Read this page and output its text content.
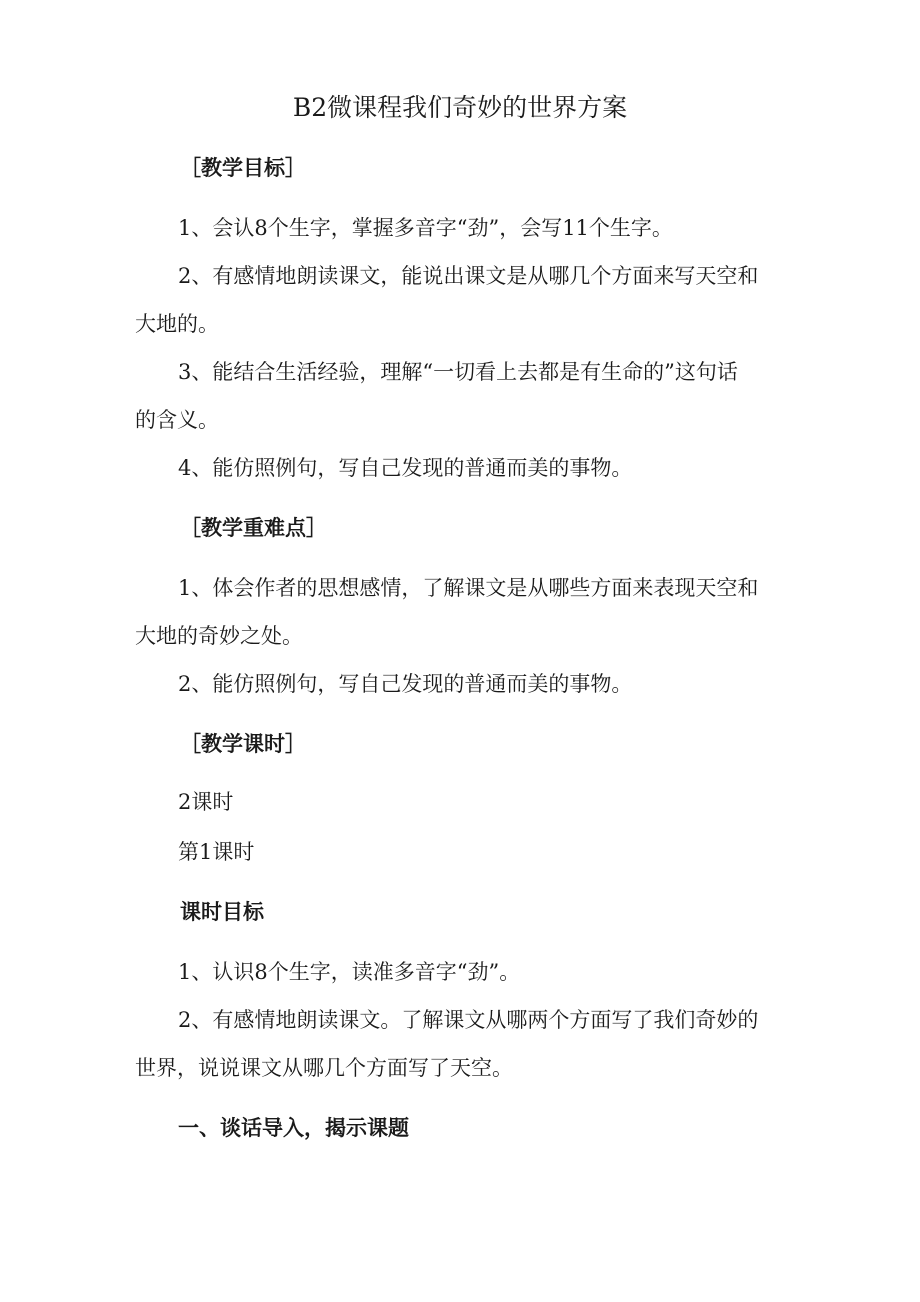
B2微课程我们奇妙的世界方案
［教学目标］
1、会认8个生字，掌握多音字“劲”，会写11个生字。
2、有感情地朗读课文，能说出课文是从哪几个方面来写天空和
大地的。
3、能结合生活经验，理解“一切看上去都是有生命的”这句话
的含义。
4、能仿照例句，写自己发现的普通而美的事物。
［教学重难点］
1、体会作者的思想感情，了解课文是从哪些方面来表现天空和
大地的奇妙之处。
2、能仿照例句，写自己发现的普通而美的事物。
［教学课时］
2课时
第1课时
课时目标
1、认识8个生字，读准多音字“劲”。
2、有感情地朗读课文。了解课文从哪两个方面写了我们奇妙的
世界，说说课文从哪几个方面写了天空。
一、谈话导入，揭示课题
